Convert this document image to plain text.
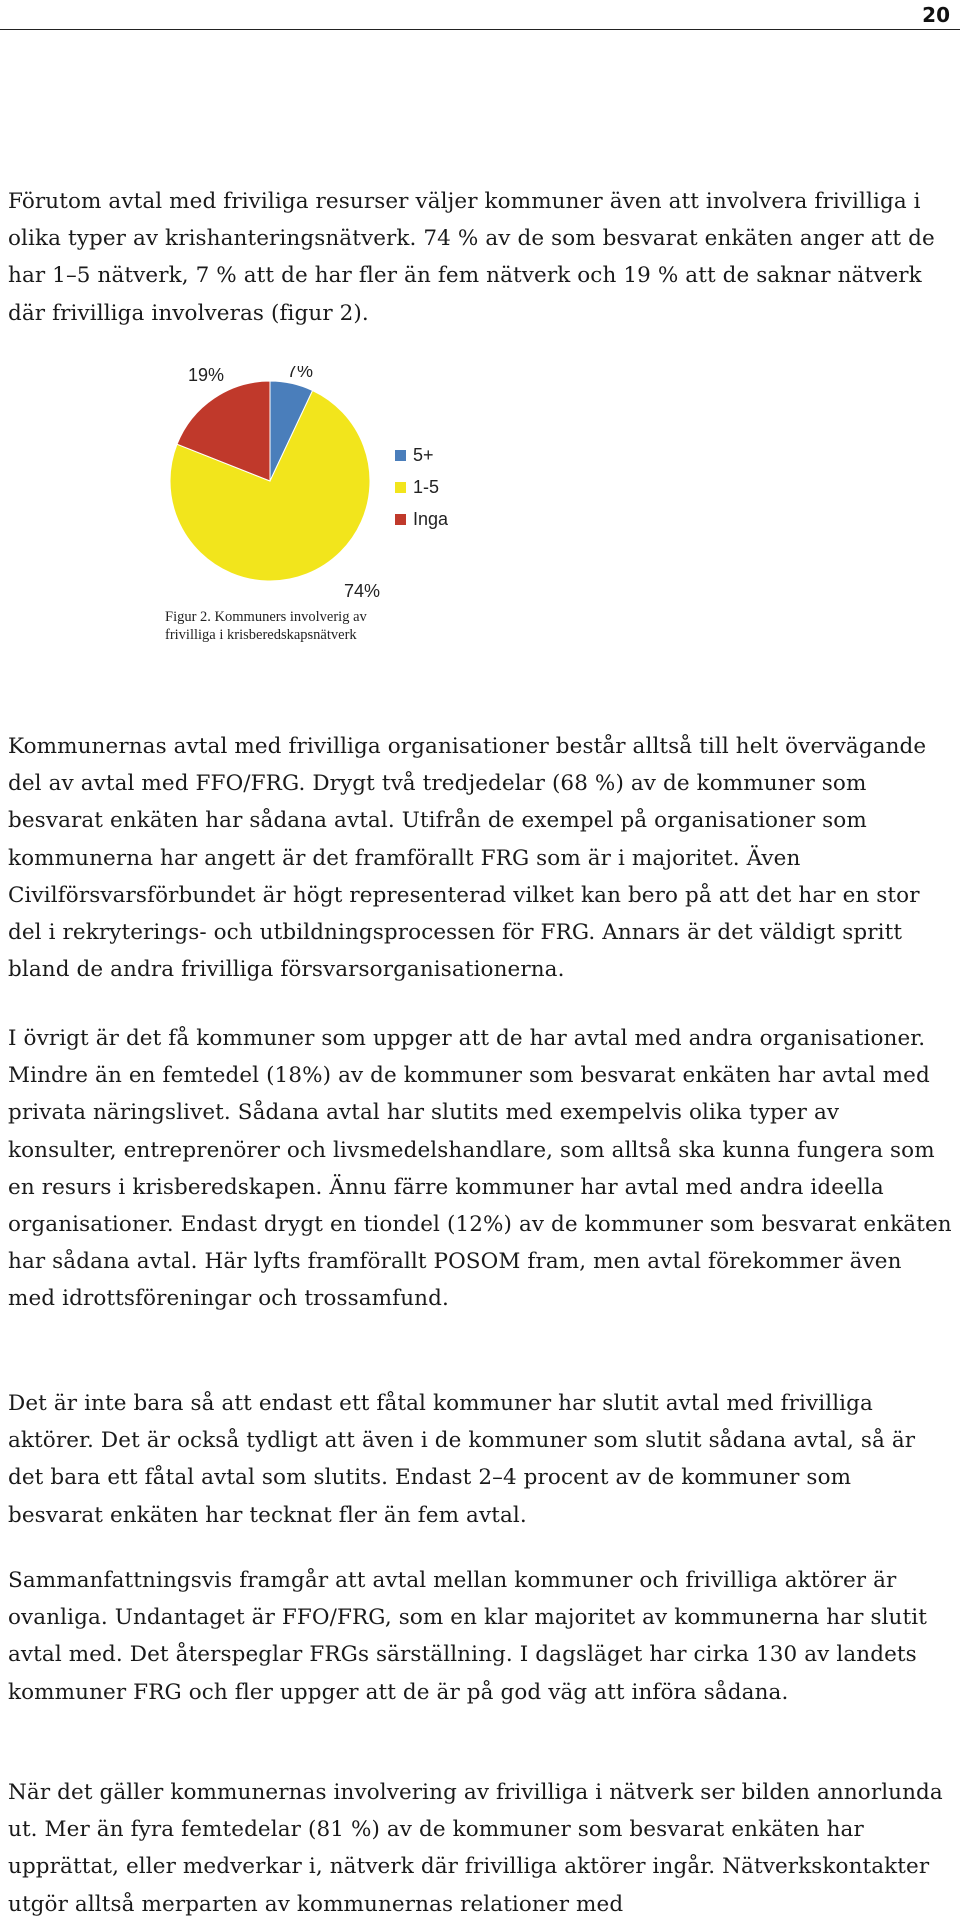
20

Förutom avtal med friviliga resurser väljer kommuner även att involvera frivilliga i olika typer av krishanteringsnätverk. 74 % av de som besvarat enkäten anger att de har 1–5 nätverk, 7 % att de har fler än fem nätverk och 19 % att de saknar nätverk där frivilliga involveras (figur 2).

7%
74%
19%
5+
1-5
Inga
Figur 2. Kommuners involverig av
frivilliga i krisberedskapsnätverk

Kommunernas avtal med frivilliga organisationer består alltså till helt övervägande del av avtal med FFO/FRG. Drygt två tredjedelar (68 %) av de kommuner som besvarat enkäten har sådana avtal. Utifrån de exempel på organisationer som kommunerna har angett är det framförallt FRG som är i majoritet. Även Civilförsvarsförbundet är högt representerad vilket kan bero på att det har en stor del i rekryterings- och utbildningsprocessen för FRG. Annars är det väldigt spritt bland de andra frivilliga försvarsorganisationerna.

I övrigt är det få kommuner som uppger att de har avtal med andra organisationer. Mindre än en femtedel (18%) av de kommuner som besvarat enkäten har avtal med privata näringslivet. Sådana avtal har slutits med exempelvis olika typer av konsulter, entreprenörer och livsmedelshandlare, som alltså ska kunna fungera som en resurs i krisberedskapen. Ännu färre kommuner har avtal med andra ideella organisationer. Endast drygt en tiondel (12%) av de kommuner som besvarat enkäten har sådana avtal. Här lyfts framförallt POSOM fram, men avtal förekommer även med idrottsföreningar och trossamfund.

Det är inte bara så att endast ett fåtal kommuner har slutit avtal med frivilliga aktörer. Det är också tydligt att även i de kommuner som slutit sådana avtal, så är det bara ett fåtal avtal som slutits. Endast 2–4 procent av de kommuner som besvarat enkäten har tecknat fler än fem avtal.

Sammanfattningsvis framgår att avtal mellan kommuner och frivilliga aktörer är ovanliga. Undantaget är FFO/FRG, som en klar majoritet av kommunerna har slutit avtal med. Det återspeglar FRGs särställning. I dagsläget har cirka 130 av landets kommuner FRG och fler uppger att de är på god väg att införa sådana.

När det gäller kommunernas involvering av frivilliga i nätverk ser bilden annorlunda ut. Mer än fyra femtedelar (81 %) av de kommuner som besvarat enkäten har upprättat, eller medverkar i, nätverk där frivilliga aktörer ingår. Nätverkskontakter utgör alltså merparten av kommunernas relationer med
